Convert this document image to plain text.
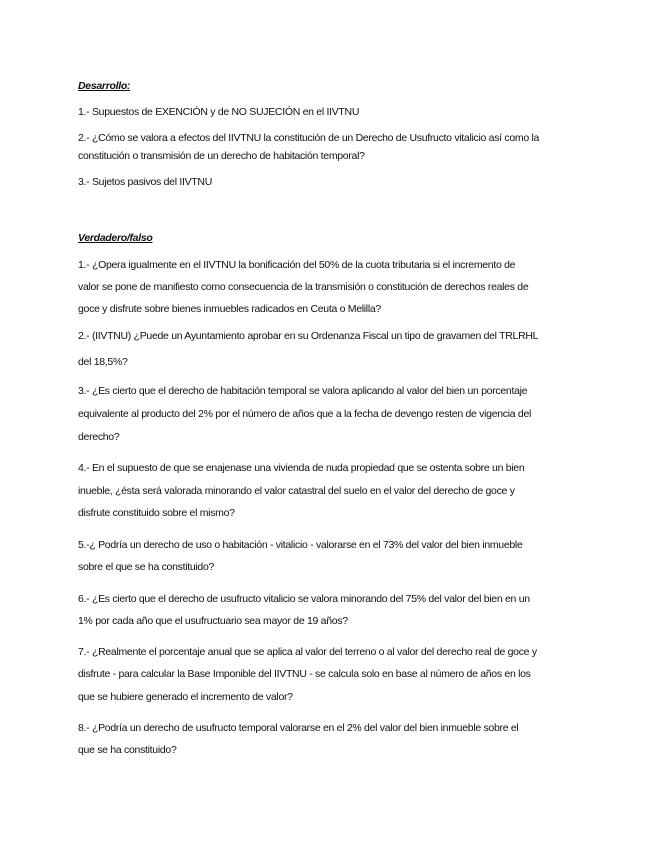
Desarrollo:
1.- Supuestos de EXENCIÓN y de NO SUJECIÓN en el IIVTNU
2.- ¿Cómo se valora a efectos del IIVTNU la constitución de un Derecho de Usufructo vitalicio así como la
constitución o transmisión de un derecho de habitación temporal?
3.- Sujetos pasivos del IIVTNU
Verdadero/falso
1.- ¿Opera igualmente en el IIVTNU la bonificación del 50% de la cuota tributaria si el incremento de
valor se pone de manifiesto como consecuencia de la transmisión o constitución de derechos reales de
goce y disfrute sobre bienes inmuebles radicados en Ceuta o Melilla?
2.- (IIVTNU) ¿Puede un Ayuntamiento aprobar en su Ordenanza Fiscal un tipo de gravamen del TRLRHL
del 18,5%?
3.- ¿Es cierto que el derecho de habitación temporal se valora aplicando al valor del bien un porcentaje
equivalente al producto del 2% por el número de años que a la fecha de devengo resten de vigencia del
derecho?
4.- En el supuesto de que se enajenase una vivienda de nuda propiedad que se ostenta sobre un bien
inueble, ¿ésta será valorada minorando el valor catastral del suelo en el valor del derecho de goce y
disfrute constituido sobre el mismo?
5.-¿ Podría un derecho de uso o habitación - vitalicio - valorarse en el 73% del valor del bien inmueble
sobre el que se ha constituido?
6.- ¿Es cierto que el derecho de usufructo vitalicio se valora minorando del 75% del valor del bien en un
1% por cada año que el usufructuario sea mayor de 19 años?
7.- ¿Realmente el porcentaje anual que se aplica al valor del terreno o al valor del derecho real de goce y
disfrute - para calcular la Base Imponible del IIVTNU - se calcula solo en base al número de años en los
que se hubiere generado el incremento de valor?
8.- ¿Podría un derecho de usufructo temporal valorarse en el 2% del valor del bien inmueble sobre el
que se ha constituido?
